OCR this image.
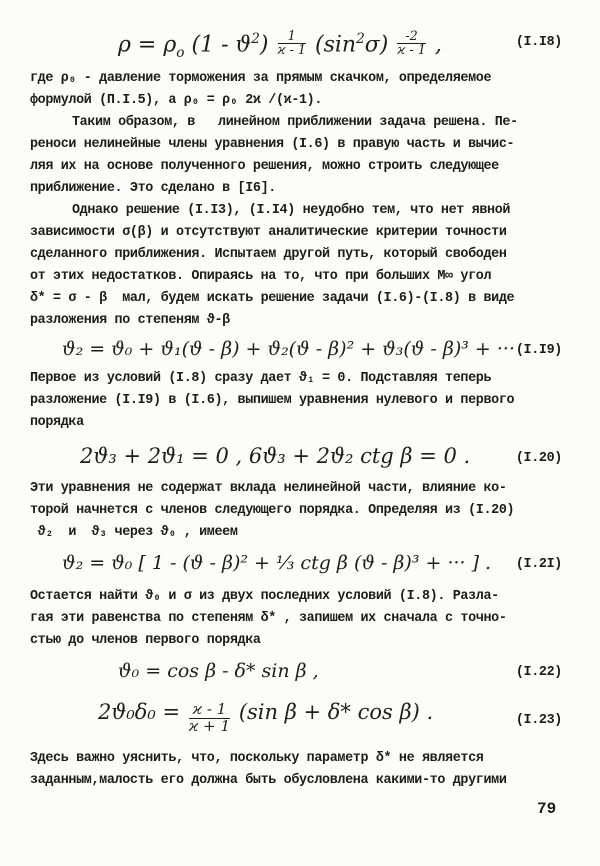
$\rho = \rho_o$ $(1 - ϑ^2) \frac{1}{ϰ - 1} (\sin^2\sigma) \frac{-2}{ϰ - 1}$ ,	(I.I8)
где ρ₀ - давление торможения за прямым скачком, определяемое
формулой (П.I.5), а ρ₀ = ρ₀ 2ϰ /(ϰ-1).
Таким образом, в   линейном приближении задача решена. Пе-
реноси нелинейные члены уравнения (I.6) в правую часть и вычис-
ляя их на основе полученного решения, можно строить следующее
приближение. Это сделано в [I6].
Однако решение (I.I3), (I.I4) неудобно тем, что нет явной
зависимости σ(β) и отсутствуют аналитические критерии точности
сделанного приближения. Испытаем другой путь, который свободен
от этих недостатков. Опираясь на то, что при больших M∞ угол
δ* = σ - β  мал, будем искать решение задачи (I.6)-(I.8) в виде
разложения по степеням ϑ-β
ϑ₂ = ϑ₀ + ϑ₁(ϑ - β) + ϑ₂(ϑ - β)² + ϑ₃(ϑ - β)³ + ··· (I.I9)
Первое из условий (I.8) сразу дает ϑ₁ = 0. Подставляя теперь
разложение (I.I9) в (I.6), выпишем уравнения нулевого и первого
порядка
2ϑ₃ + 2ϑ₁ = 0 , 6ϑ₃ + 2ϑ₂ ctg β = 0 .	(I.20)
Эти уравнения не содержат вклада нелинейной части, влияние ко-
торой начнется с членов следующего порядка. Определяя из (I.20)
ϑ₂  и  ϑ₃ через ϑ₀ , имеем
ϑ₂ = ϑ₀ [ 1 - (ϑ - β)² + ⅓ ctg β (ϑ - β)³ + ··· ] . (I.2I)
Остается найти ϑ₀ и σ из двух последних условий (I.8). Разла-
гая эти равенства по степеням δ* , запишем их сначала с точно-
стью до членов первого порядка
ϑ₀ = cos β - δ* sin β ,	(I.22)
$2ϑ_0\delta_0 = \frac{ϰ - 1}{ϰ + 1} (\sin$ β + δ* cos β) .	(I.23)
Здесь важно уяснить, что, поскольку параметр δ* не является
заданным,малость его должна быть обусловлена какими-то другими
79
